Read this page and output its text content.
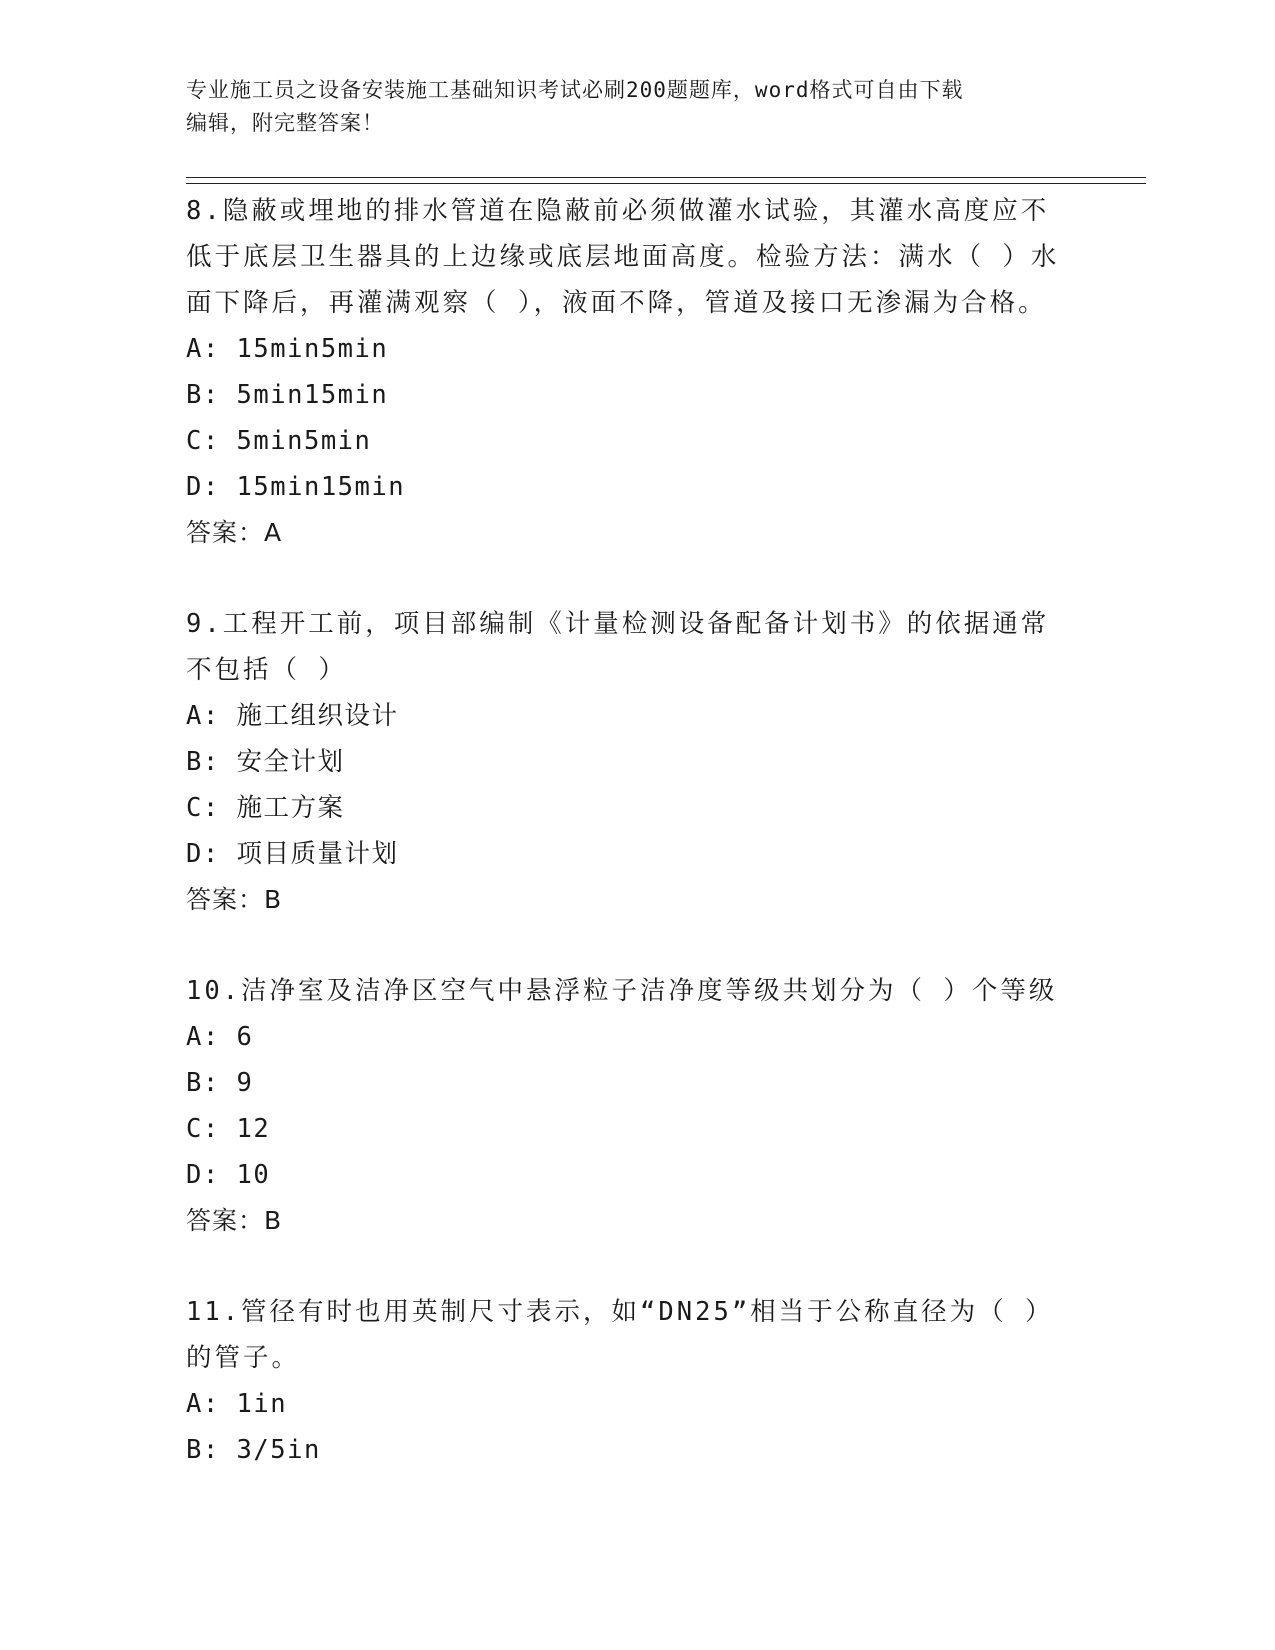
专业施工员之设备安装施工基础知识考试必刷200题题库，word格式可自由下载
编辑，附完整答案！
8.隐蔽或埋地的排水管道在隐蔽前必须做灌水试验，其灌水高度应不
低于底层卫生器具的上边缘或底层地面高度。检验方法：满水（ ）水
面下降后，再灌满观察（ ），液面不降，管道及接口无渗漏为合格。
A: 15min5min
B: 5min15min
C: 5min5min
D: 15min15min
答案：A
9.工程开工前，项目部编制《计量检测设备配备计划书》的依据通常
不包括（ ）
A: 施工组织设计
B: 安全计划
C: 施工方案
D: 项目质量计划
答案：B
10.洁净室及洁净区空气中悬浮粒子洁净度等级共划分为（ ）个等级
A: 6
B: 9
C: 12
D: 10
答案：B
11.管径有时也用英制尺寸表示，如“DN25”相当于公称直径为（ ）
的管子。
A: 1in
B: 3/5in
